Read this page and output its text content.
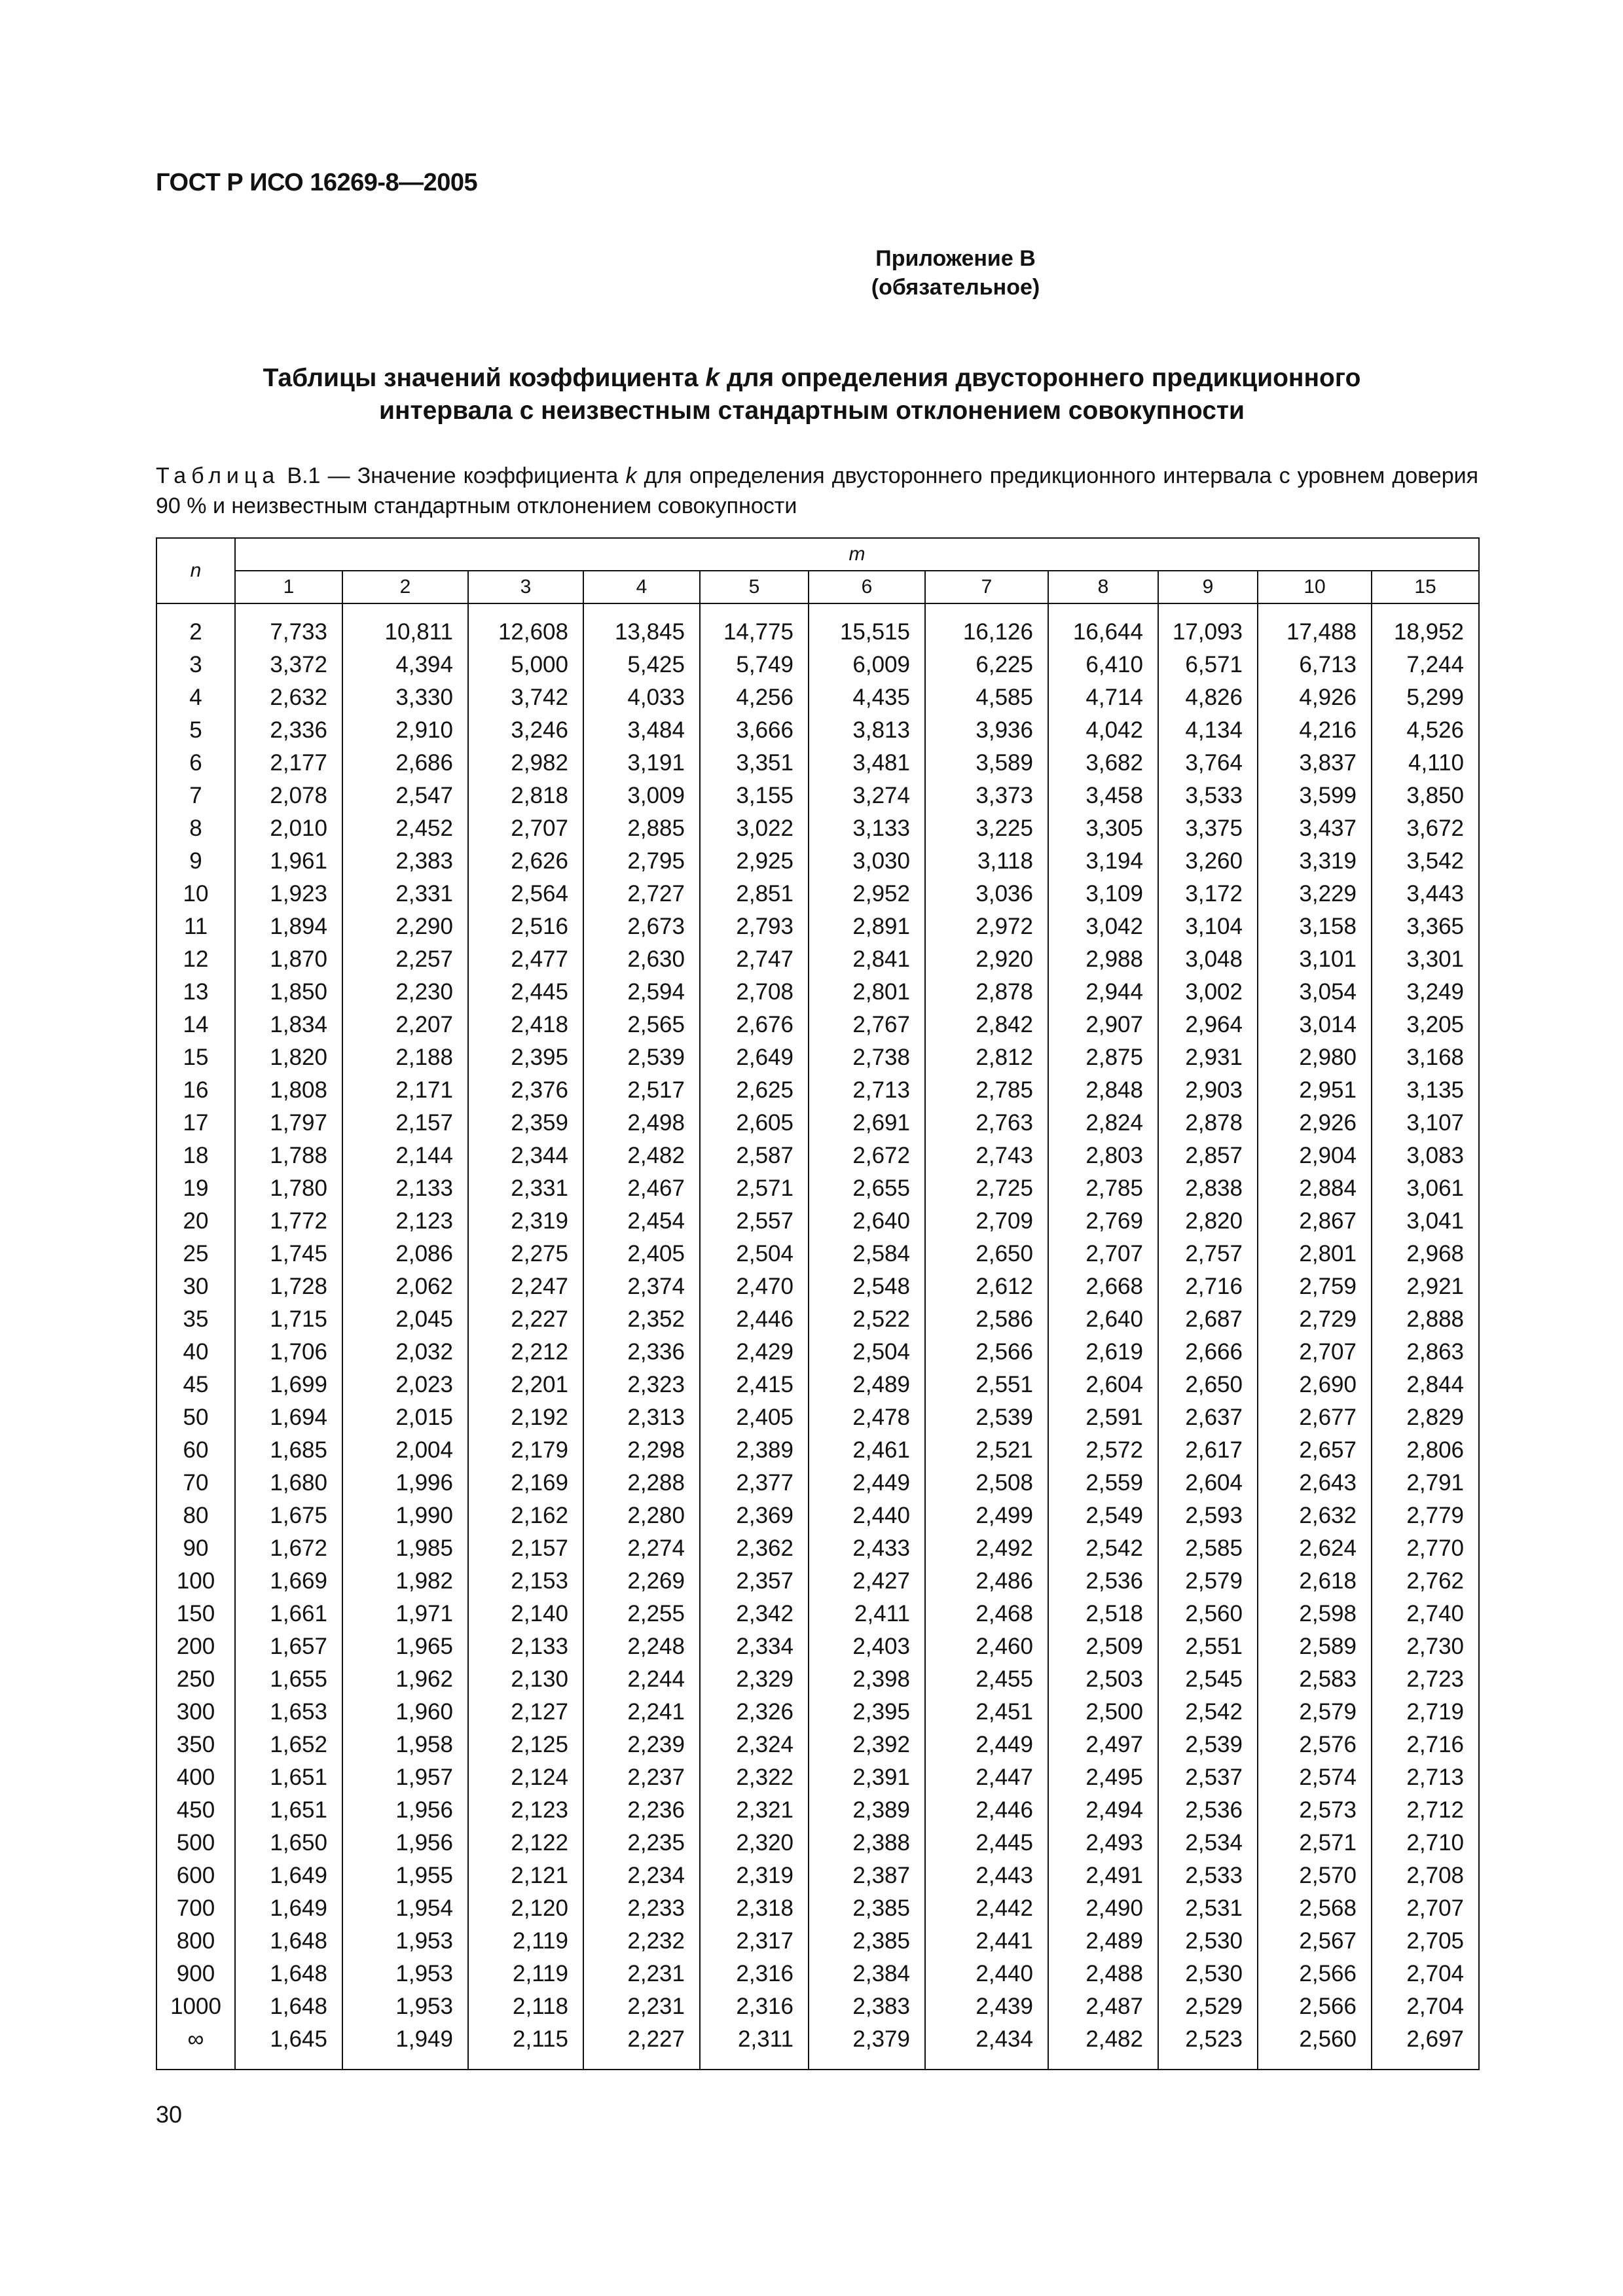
ГОСТ Р ИСО 16269-8—2005
Приложение В
(обязательное)
Таблицы значений коэффициента k для определения двустороннего предикционного интервала с неизвестным стандартным отклонением совокупности
Таблица В.1 — Значение коэффициента k для определения двустороннего предикционного интервала с уровнем доверия 90 % и неизвестным стандартным отклонением совокупности
n	m										
	1	2	3	4	5	6	7	8	9	10	15
2	7,733	10,811	12,608	13,845	14,775	15,515	16,126	16,644	17,093	17,488	18,952
3	3,372	4,394	5,000	5,425	5,749	6,009	6,225	6,410	6,571	6,713	7,244
4	2,632	3,330	3,742	4,033	4,256	4,435	4,585	4,714	4,826	4,926	5,299
5	2,336	2,910	3,246	3,484	3,666	3,813	3,936	4,042	4,134	4,216	4,526
6	2,177	2,686	2,982	3,191	3,351	3,481	3,589	3,682	3,764	3,837	4,110
7	2,078	2,547	2,818	3,009	3,155	3,274	3,373	3,458	3,533	3,599	3,850
8	2,010	2,452	2,707	2,885	3,022	3,133	3,225	3,305	3,375	3,437	3,672
9	1,961	2,383	2,626	2,795	2,925	3,030	3,118	3,194	3,260	3,319	3,542
10	1,923	2,331	2,564	2,727	2,851	2,952	3,036	3,109	3,172	3,229	3,443
11	1,894	2,290	2,516	2,673	2,793	2,891	2,972	3,042	3,104	3,158	3,365
12	1,870	2,257	2,477	2,630	2,747	2,841	2,920	2,988	3,048	3,101	3,301
13	1,850	2,230	2,445	2,594	2,708	2,801	2,878	2,944	3,002	3,054	3,249
14	1,834	2,207	2,418	2,565	2,676	2,767	2,842	2,907	2,964	3,014	3,205
15	1,820	2,188	2,395	2,539	2,649	2,738	2,812	2,875	2,931	2,980	3,168
16	1,808	2,171	2,376	2,517	2,625	2,713	2,785	2,848	2,903	2,951	3,135
17	1,797	2,157	2,359	2,498	2,605	2,691	2,763	2,824	2,878	2,926	3,107
18	1,788	2,144	2,344	2,482	2,587	2,672	2,743	2,803	2,857	2,904	3,083
19	1,780	2,133	2,331	2,467	2,571	2,655	2,725	2,785	2,838	2,884	3,061
20	1,772	2,123	2,319	2,454	2,557	2,640	2,709	2,769	2,820	2,867	3,041
25	1,745	2,086	2,275	2,405	2,504	2,584	2,650	2,707	2,757	2,801	2,968
30	1,728	2,062	2,247	2,374	2,470	2,548	2,612	2,668	2,716	2,759	2,921
35	1,715	2,045	2,227	2,352	2,446	2,522	2,586	2,640	2,687	2,729	2,888
40	1,706	2,032	2,212	2,336	2,429	2,504	2,566	2,619	2,666	2,707	2,863
45	1,699	2,023	2,201	2,323	2,415	2,489	2,551	2,604	2,650	2,690	2,844
50	1,694	2,015	2,192	2,313	2,405	2,478	2,539	2,591	2,637	2,677	2,829
60	1,685	2,004	2,179	2,298	2,389	2,461	2,521	2,572	2,617	2,657	2,806
70	1,680	1,996	2,169	2,288	2,377	2,449	2,508	2,559	2,604	2,643	2,791
80	1,675	1,990	2,162	2,280	2,369	2,440	2,499	2,549	2,593	2,632	2,779
90	1,672	1,985	2,157	2,274	2,362	2,433	2,492	2,542	2,585	2,624	2,770
100	1,669	1,982	2,153	2,269	2,357	2,427	2,486	2,536	2,579	2,618	2,762
150	1,661	1,971	2,140	2,255	2,342	2,411	2,468	2,518	2,560	2,598	2,740
200	1,657	1,965	2,133	2,248	2,334	2,403	2,460	2,509	2,551	2,589	2,730
250	1,655	1,962	2,130	2,244	2,329	2,398	2,455	2,503	2,545	2,583	2,723
300	1,653	1,960	2,127	2,241	2,326	2,395	2,451	2,500	2,542	2,579	2,719
350	1,652	1,958	2,125	2,239	2,324	2,392	2,449	2,497	2,539	2,576	2,716
400	1,651	1,957	2,124	2,237	2,322	2,391	2,447	2,495	2,537	2,574	2,713
450	1,651	1,956	2,123	2,236	2,321	2,389	2,446	2,494	2,536	2,573	2,712
500	1,650	1,956	2,122	2,235	2,320	2,388	2,445	2,493	2,534	2,571	2,710
600	1,649	1,955	2,121	2,234	2,319	2,387	2,443	2,491	2,533	2,570	2,708
700	1,649	1,954	2,120	2,233	2,318	2,385	2,442	2,490	2,531	2,568	2,707
800	1,648	1,953	2,119	2,232	2,317	2,385	2,441	2,489	2,530	2,567	2,705
900	1,648	1,953	2,119	2,231	2,316	2,384	2,440	2,488	2,530	2,566	2,704
1000	1,648	1,953	2,118	2,231	2,316	2,383	2,439	2,487	2,529	2,566	2,704
∞	1,645	1,949	2,115	2,227	2,311	2,379	2,434	2,482	2,523	2,560	2,697
30
